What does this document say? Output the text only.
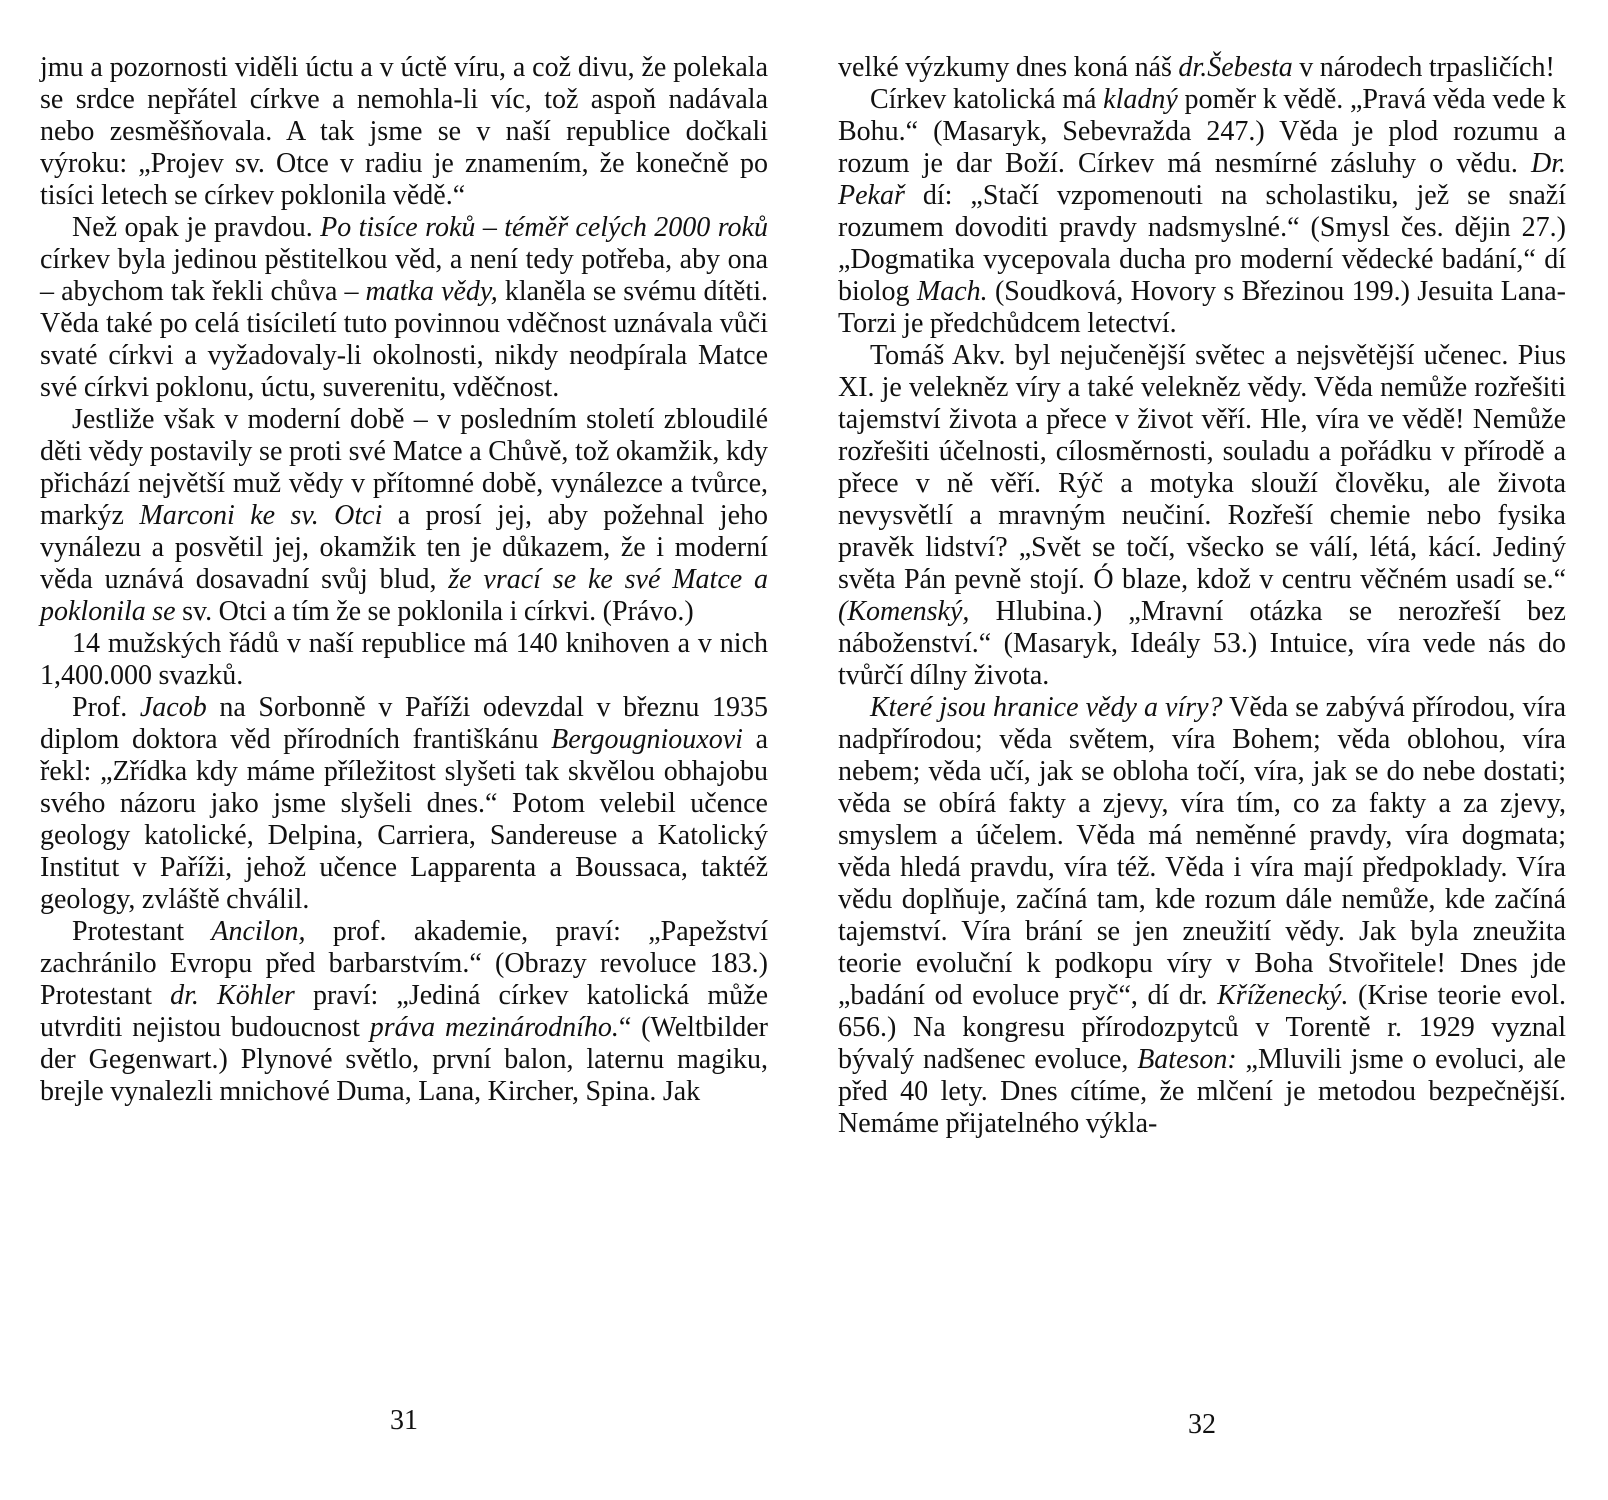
jmu a pozornosti viděli úctu a v úctě víru, a což divu, že polekala se srdce nepřátel církve a nemohla-li víc, tož aspoň nadávala nebo zesměšňovala. A tak jsme se v naší republice dočkali výroku: „Projev sv. Otce v radiu je znamením, že konečně po tisíci letech se církev poklonila vědě.“

Než opak je pravdou. Po tisíce roků – téměř celých 2000 roků církev byla jedinou pěstitelkou věd, a není tedy potřeba, aby ona – abychom tak řekli chůva – matka vědy, klaněla se svému dítěti. Věda také po celá tisíciletí tuto povinnou vděčnost uznávala vůči svaté církvi a vyžadovaly-li okolnosti, nikdy neodpírala Matce své církvi poklonu, úctu, suverenitu, vděčnost.

Jestliže však v moderní době – v posledním století zbloudilé děti vědy postavily se proti své Matce a Chůvě, tož okamžik, kdy přichází největší muž vědy v přítomné době, vynálezce a tvůrce, markýz Marconi ke sv. Otci a prosí jej, aby požehnal jeho vynálezu a posvětil jej, okamžik ten je důkazem, že i moderní věda uznává dosavadní svůj blud, že vrací se ke své Matce a poklonila se sv. Otci a tím že se poklonila i církvi. (Právo.)

14 mužských řádů v naší republice má 140 knihoven a v nich 1,400.000 svazků.

Prof. Jacob na Sorbonně v Paříži odevzdal v březnu 1935 diplom doktora věd přírodních františkánu Bergougniouxovi a řekl: „Zřídka kdy máme příležitost slyšeti tak skvělou obhajobu svého názoru jako jsme slyšeli dnes.“ Potom velebil učence geology katolické, Delpina, Carriera, Sandereuse a Katolický Institut v Paříži, jehož učence Lapparenta a Boussaca, taktéž geology, zvláště chválil.

Protestant Ancilon, prof. akademie, praví: „Papežství zachránilo Evropu před barbarstvím.“ (Obrazy revoluce 183.) Protestant dr. Köhler praví: „Jediná církev katolická může utvrditi nejistou budoucnost práva mezinárodního.“ (Weltbilder der Gegenwart.) Plynové světlo, první balon, laternu magiku, brejle vynalezli mnichové Duma, Lana, Kircher, Spina. Jak

31

velké výzkumy dnes koná náš dr.Šebesta v národech trpasličích!

Církev katolická má kladný poměr k vědě. „Pravá věda vede k Bohu.“ (Masaryk, Sebevražda 247.) Věda je plod rozumu a rozum je dar Boží. Církev má nesmírné zásluhy o vědu. Dr. Pekař dí: „Stačí vzpomenouti na scholastiku, jež se snaží rozumem dovoditi pravdy nadsmyslné.“ (Smysl čes. dějin 27.) „Dogmatika vycepovala ducha pro moderní vědecké badání,“ dí biolog Mach. (Soudková, Hovory s Březinou 199.) Jesuita Lana-Torzi je předchůdcem letectví.

Tomáš Akv. byl nejučenější světec a nejsvětější učenec. Pius XI. je velekněz víry a také velekněz vědy. Věda nemůže rozřešiti tajemství života a přece v život věří. Hle, víra ve vědě! Nemůže rozřešiti účelnosti, cílosměrnosti, souladu a pořádku v přírodě a přece v ně věří. Rýč a motyka slouží člověku, ale života nevysvětlí a mravným neučiní. Rozřeší chemie nebo fysika pravěk lidství? „Svět se točí, všecko se válí, létá, kácí. Jediný světa Pán pevně stojí. Ó blaze, kdož v centru věčném usadí se.“ (Komenský, Hlubina.) „Mravní otázka se nerozřeší bez náboženství.“ (Masaryk, Ideály 53.) Intuice, víra vede nás do tvůrčí dílny života.

Které jsou hranice vědy a víry? Věda se zabývá přírodou, víra nadpřírodou; věda světem, víra Bohem; věda oblohou, víra nebem; věda učí, jak se obloha točí, víra, jak se do nebe dostati; věda se obírá fakty a zjevy, víra tím, co za fakty a za zjevy, smyslem a účelem. Věda má neměnné pravdy, víra dogmata; věda hledá pravdu, víra též. Věda i víra mají předpoklady. Víra vědu doplňuje, začíná tam, kde rozum dále nemůže, kde začíná tajemství. Víra brání se jen zneužití vědy. Jak byla zneužita teorie evoluční k podkopu víry v Boha Stvořitele! Dnes jde „badání od evoluce pryč“, dí dr. Kříženecký. (Krise teorie evol. 656.) Na kongresu přírodozpytců v Torentě r. 1929 vyznal bývalý nadšenec evoluce, Bateson: „Mluvili jsme o evoluci, ale před 40 lety. Dnes cítíme, že mlčení je metodou bezpečnější. Nemáme přijatelného výkla-

32
